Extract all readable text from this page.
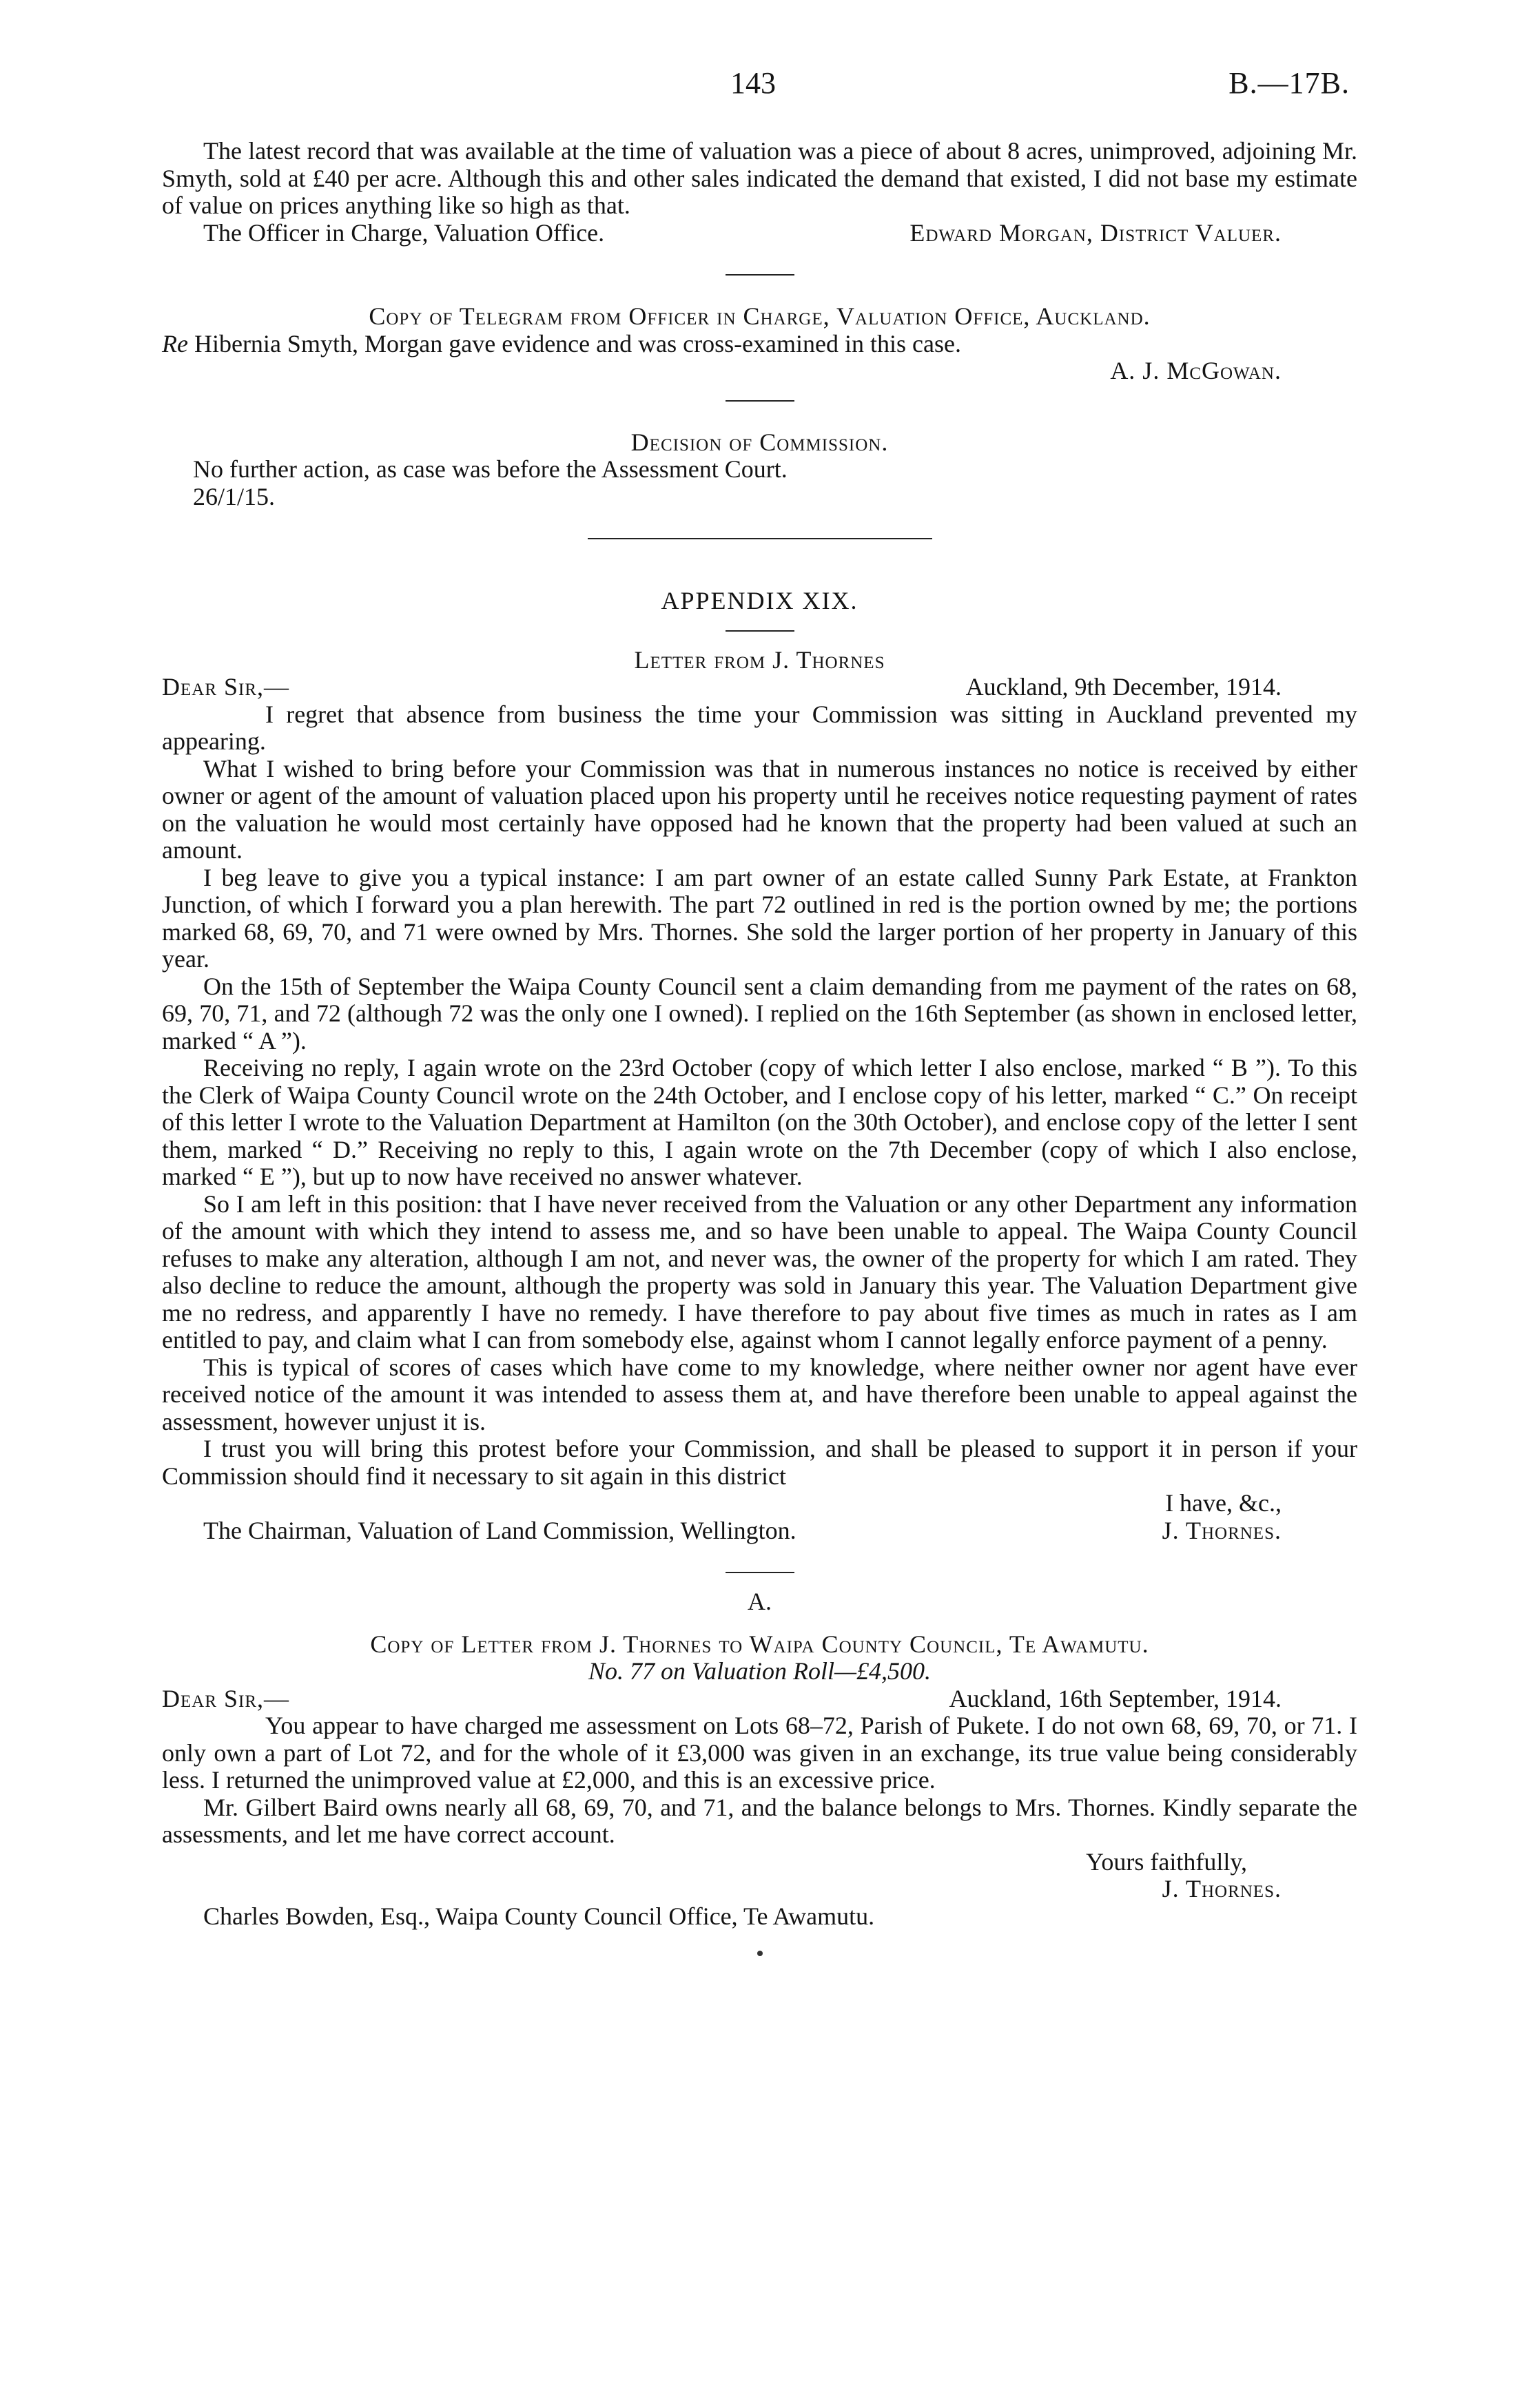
143	B.—17B.

The latest record that was available at the time of valuation was a piece of about 8 acres, unimproved, adjoining Mr. Smyth, sold at £40 per acre. Although this and other sales indicated the demand that existed, I did not base my estimate of value on prices anything like so high as that.

The Officer in Charge, Valuation Office.	Edward Morgan, District Valuer.

Copy of Telegram from Officer in Charge, Valuation Office, Auckland.

Re Hibernia Smyth, Morgan gave evidence and was cross-examined in this case.

A. J. McGowan.

Decision of Commission.

No further action, as case was before the Assessment Court.

26/1/15.

APPENDIX XIX.

Letter from J. Thornes

Dear Sir,—	Auckland, 9th December, 1914.

I regret that absence from business the time your Commission was sitting in Auckland prevented my appearing.

What I wished to bring before your Commission was that in numerous instances no notice is received by either owner or agent of the amount of valuation placed upon his property until he receives notice requesting payment of rates on the valuation he would most certainly have opposed had he known that the property had been valued at such an amount.

I beg leave to give you a typical instance: I am part owner of an estate called Sunny Park Estate, at Frankton Junction, of which I forward you a plan herewith. The part 72 outlined in red is the portion owned by me; the portions marked 68, 69, 70, and 71 were owned by Mrs. Thornes. She sold the larger portion of her property in January of this year.

On the 15th of September the Waipa County Council sent a claim demanding from me payment of the rates on 68, 69, 70, 71, and 72 (although 72 was the only one I owned). I replied on the 16th September (as shown in enclosed letter, marked “ A ”).

Receiving no reply, I again wrote on the 23rd October (copy of which letter I also enclose, marked “ B ”). To this the Clerk of Waipa County Council wrote on the 24th October, and I enclose copy of his letter, marked “ C.” On receipt of this letter I wrote to the Valuation Department at Hamilton (on the 30th October), and enclose copy of the letter I sent them, marked “ D.” Receiving no reply to this, I again wrote on the 7th December (copy of which I also enclose, marked “ E ”), but up to now have received no answer whatever.

So I am left in this position: that I have never received from the Valuation or any other Department any information of the amount with which they intend to assess me, and so have been unable to appeal. The Waipa County Council refuses to make any alteration, although I am not, and never was, the owner of the property for which I am rated. They also decline to reduce the amount, although the property was sold in January this year. The Valuation Department give me no redress, and apparently I have no remedy. I have therefore to pay about five times as much in rates as I am entitled to pay, and claim what I can from somebody else, against whom I cannot legally enforce payment of a penny.

This is typical of scores of cases which have come to my knowledge, where neither owner nor agent have ever received notice of the amount it was intended to assess them at, and have therefore been unable to appeal against the assessment, however unjust it is.

I trust you will bring this protest before your Commission, and shall be pleased to support it in person if your Commission should find it necessary to sit again in this district

I have, &c.,

The Chairman, Valuation of Land Commission, Wellington.	J. Thornes.

A.

Copy of Letter from J. Thornes to Waipa County Council, Te Awamutu.

No. 77 on Valuation Roll—£4,500.

Dear Sir,—	Auckland, 16th September, 1914.

You appear to have charged me assessment on Lots 68–72, Parish of Pukete. I do not own 68, 69, 70, or 71. I only own a part of Lot 72, and for the whole of it £3,000 was given in an exchange, its true value being considerably less. I returned the unimproved value at £2,000, and this is an excessive price.

Mr. Gilbert Baird owns nearly all 68, 69, 70, and 71, and the balance belongs to Mrs. Thornes. Kindly separate the assessments, and let me have correct account.

Yours faithfully,

J. Thornes.

Charles Bowden, Esq., Waipa County Council Office, Te Awamutu.
